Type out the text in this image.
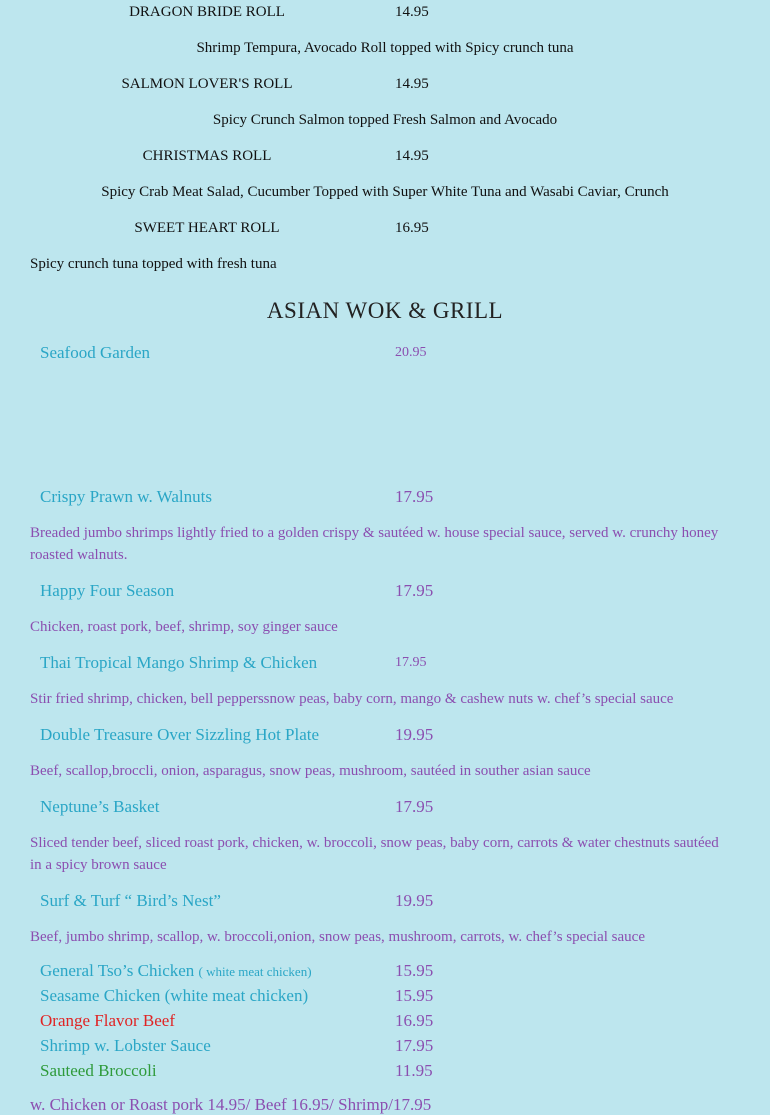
DRAGON BRIDE ROLL	14.95
Shrimp Tempura, Avocado Roll topped with Spicy crunch tuna
SALMON LOVER'S ROLL	14.95
Spicy Crunch Salmon topped Fresh Salmon and Avocado
CHRISTMAS ROLL	14.95
Spicy Crab Meat Salad, Cucumber Topped with Super White Tuna and Wasabi Caviar, Crunch
SWEET HEART ROLL	16.95
Spicy crunch tuna topped with fresh tuna
ASIAN WOK & GRILL
Seafood Garden	20.95
Crispy Prawn w. Walnuts	17.95
Breaded jumbo shrimps lightly fried to a golden crispy & sautéed w. house special sauce, served w. crunchy honey roasted walnuts.
Happy Four Season	17.95
Chicken, roast pork, beef, shrimp, soy ginger sauce
Thai Tropical Mango Shrimp & Chicken	17.95
Stir fried shrimp, chicken, bell pepperssnow peas, baby corn, mango & cashew nuts w. chef’s special sauce
Double Treasure Over Sizzling Hot Plate	19.95
Beef, scallop,broccli, onion, asparagus, snow peas, mushroom, sautéed in souther asian sauce
Neptune’s Basket	17.95
Sliced tender beef, sliced roast pork, chicken, w. broccoli, snow peas, baby corn, carrots & water chestnuts sautéed in a spicy brown sauce
Surf & Turf “ Bird’s Nest”	19.95
Beef, jumbo shrimp, scallop, w. broccoli,onion, snow peas, mushroom, carrots, w. chef’s special sauce
General Tso’s Chicken ( white meat chicken)	15.95
Seasame Chicken (white meat chicken)	15.95
Orange Flavor Beef	16.95
Shrimp w. Lobster Sauce	17.95
Sauteed Broccoli	11.95
w. Chicken or Roast pork 14.95/ Beef 16.95/ Shrimp/17.95
